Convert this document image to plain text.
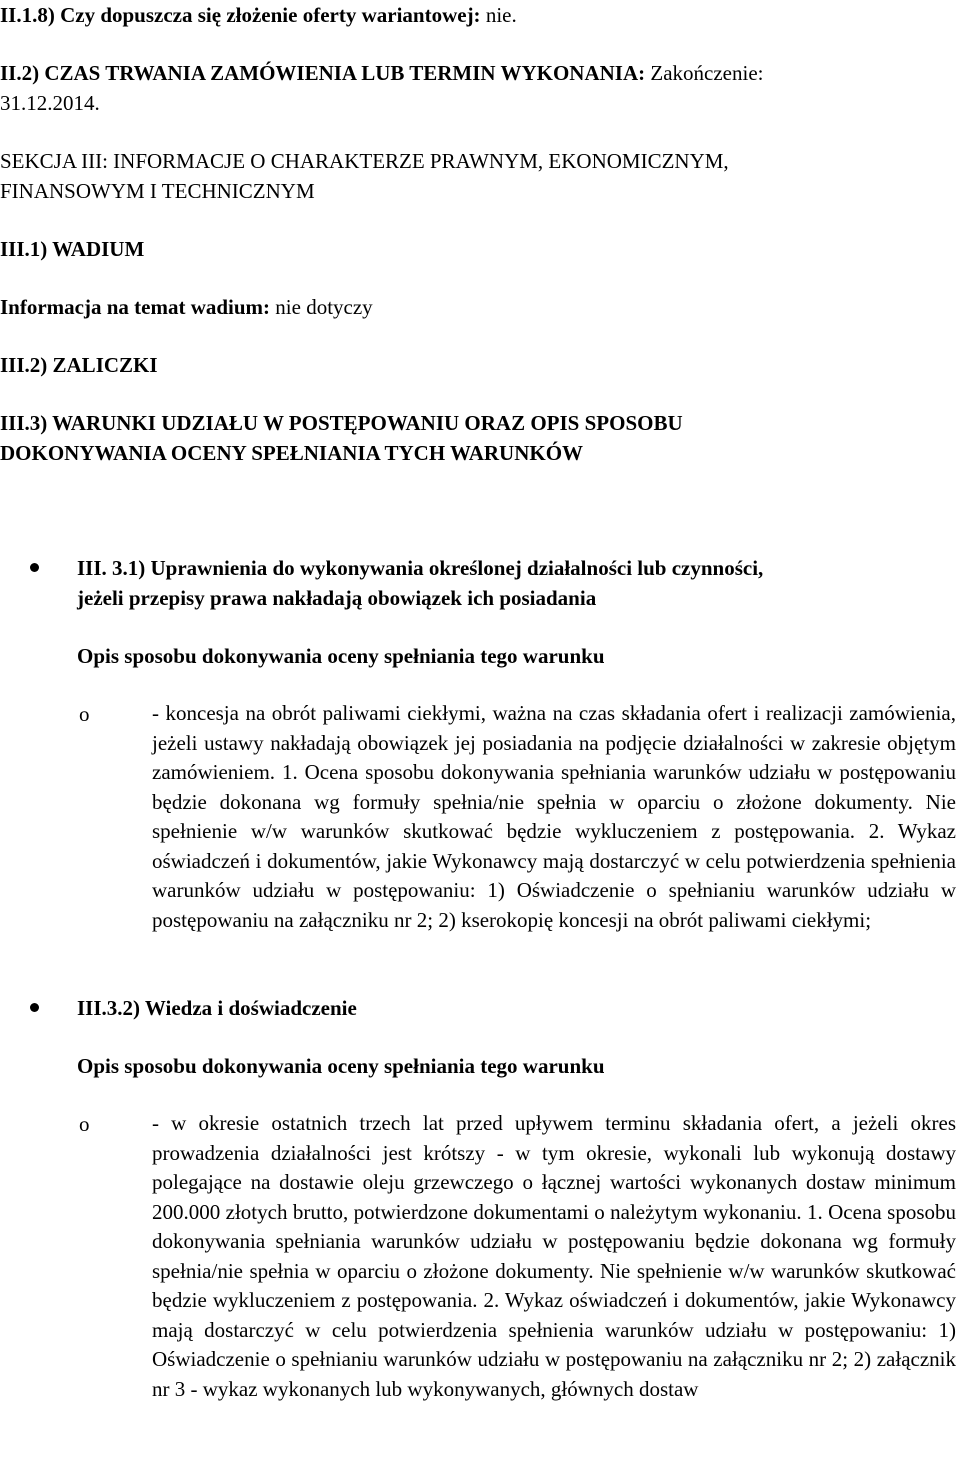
II.1.8) Czy dopuszcza się złożenie oferty wariantowej: nie.
II.2) CZAS TRWANIA ZAMÓWIENIA LUB TERMIN WYKONANIA: Zakończenie:
31.12.2014.
SEKCJA III: INFORMACJE O CHARAKTERZE PRAWNYM, EKONOMICZNYM,
FINANSOWYM I TECHNICZNYM
III.1) WADIUM
Informacja na temat wadium: nie dotyczy
III.2) ZALICZKI
III.3) WARUNKI UDZIAŁU W POSTĘPOWANIU ORAZ OPIS SPOSOBU
DOKONYWANIA OCENY SPEŁNIANIA TYCH WARUNKÓW
III. 3.1) Uprawnienia do wykonywania określonej działalności lub czynności,
jeżeli przepisy prawa nakładają obowiązek ich posiadania
Opis sposobu dokonywania oceny spełniania tego warunku
o	- koncesja na obrót paliwami ciekłymi, ważna na czas składania ofert i realizacji zamówienia, jeżeli ustawy nakładają obowiązek jej posiadania na podjęcie działalności w zakresie objętym zamówieniem. 1. Ocena sposobu dokonywania spełniania warunków udziału w postępowaniu będzie dokonana wg formuły spełnia/nie spełnia w oparciu o złożone dokumenty. Nie spełnienie w/w warunków skutkować będzie wykluczeniem z postępowania. 2. Wykaz oświadczeń i dokumentów, jakie Wykonawcy mają dostarczyć w celu potwierdzenia spełnienia warunków udziału w postępowaniu: 1) Oświadczenie o spełnianiu warunków udziału w postępowaniu na załączniku nr 2; 2) kserokopię koncesji na obrót paliwami ciekłymi;
III.3.2) Wiedza i doświadczenie
Opis sposobu dokonywania oceny spełniania tego warunku
o	- w okresie ostatnich trzech lat przed upływem terminu składania ofert, a jeżeli okres prowadzenia działalności jest krótszy - w tym okresie, wykonali lub wykonują dostawy polegające na dostawie oleju grzewczego o łącznej wartości wykonanych dostaw minimum 200.000 złotych brutto, potwierdzone dokumentami o należytym wykonaniu. 1. Ocena sposobu dokonywania spełniania warunków udziału w postępowaniu będzie dokonana wg formuły spełnia/nie spełnia w oparciu o złożone dokumenty. Nie spełnienie w/w warunków skutkować będzie wykluczeniem z postępowania. 2. Wykaz oświadczeń i dokumentów, jakie Wykonawcy mają dostarczyć w celu potwierdzenia spełnienia warunków udziału w postępowaniu: 1) Oświadczenie o spełnianiu warunków udziału w postępowaniu na załączniku nr 2; 2) załącznik nr 3 - wykaz wykonanych lub wykonywanych, głównych dostaw
